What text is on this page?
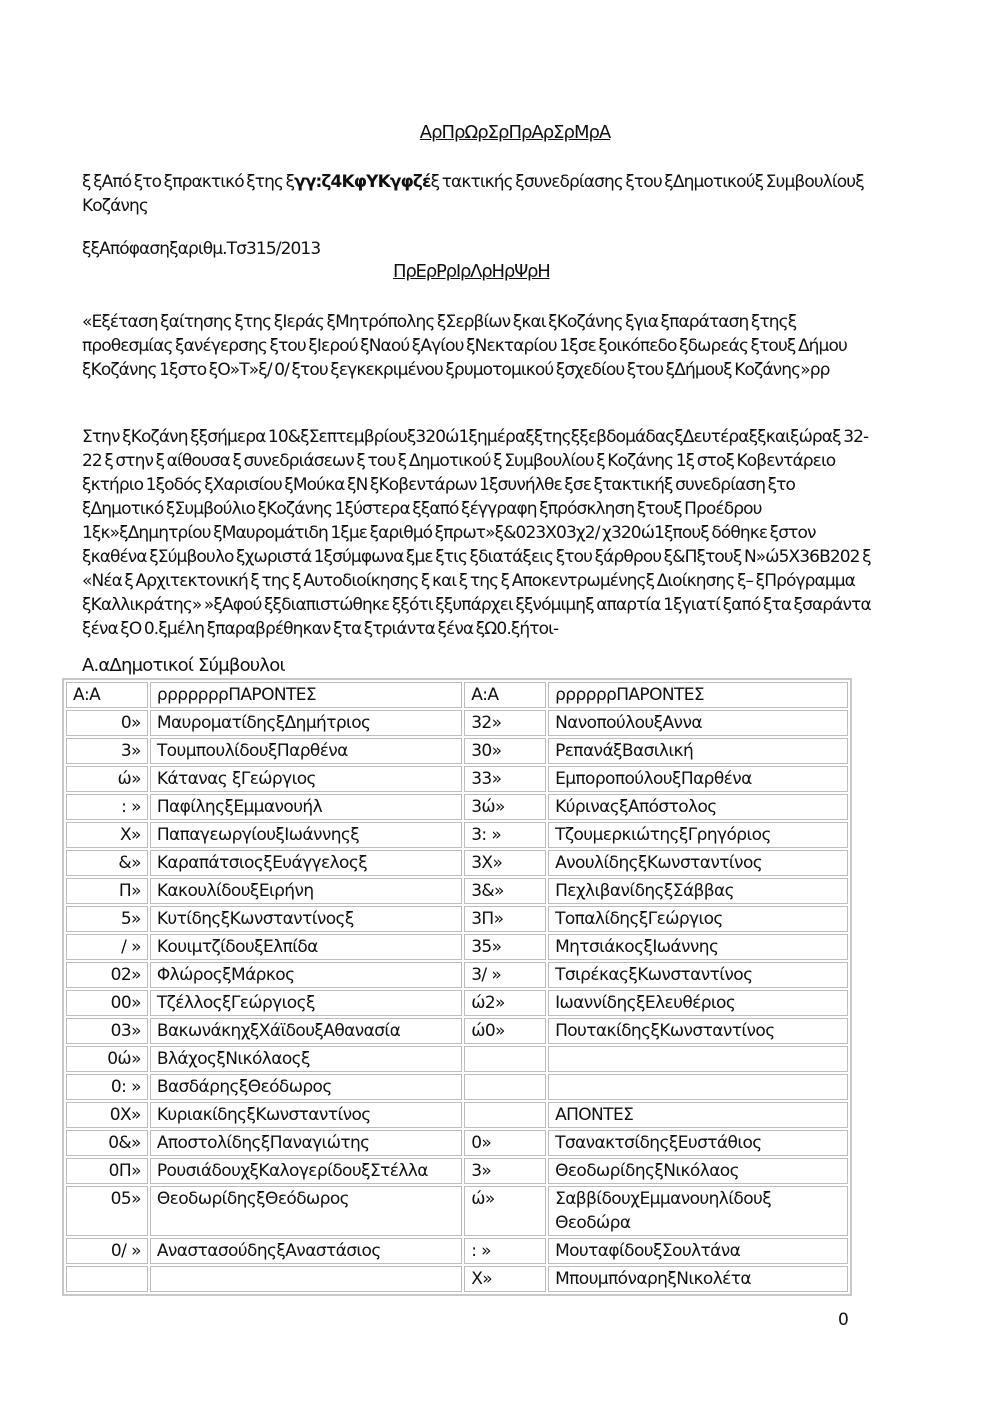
ΑρΠρΩρΣρΠρΑρΣρΜρΑ
ξ ξΑπό ξτο ξπρακτικό ξτης ξγγ:ζ4ΚφΥΚγφζέξ τακτικής ξσυνεδρίασης ξτου ξΔημοτικούξ Συμβουλίουξ Κοζάνης
ξξΑπόφασηξαριθμ.Τσ315/2013
ΠρΕρΡρΙρΛρΗρΨρΗ
«Εξέταση ξαίτησης ξτης ξΙεράς ξΜητρόπολης ξΣερβίων ξκαι ξΚοζάνης ξγια ξπαράταση ξτηςξ προθεσμίας ξανέγερσης ξτου ξΙερού ξΝαού ξΑγίου ξΝεκταρίου 1ξσε ξοικόπεδο ξδωρεάς ξτουξ Δήμου ξΚοζάνης 1ξστο ξΟ»Τ»ξ/ 0/ ξτου ξεγκεκριμένου ξρυμοτομικού ξσχεδίου ξτου ξΔήμουξ Κοζάνης»ρρ
Στην ξΚοζάνη ξξσήμερα 10&ξΣεπτεμβρίουξ320ώ1ξημέραξξτηςξξεβδομάδαςξΔευτέραξξκαιξώραξ 32-22 ξ στην ξ αίθουσα ξ συνεδριάσεων ξ του ξ Δημοτικού ξ Συμβουλίου ξ Κοζάνης 1ξ στοξ Κοβεντάρειο ξκτήριο 1ξοδός ξΧαρισίου ξΜούκα ξΝ ξΚοβεντάρων 1ξσυνήλθε ξσε ξτακτικήξ συνεδρίαση ξτο ξΔημοτικό ξΣυμβούλιο ξΚοζάνης 1ξύστερα ξξαπό ξέγγραφη ξπρόσκληση ξτουξ Προέδρου 1ξκ»ξΔημητρίου ξΜαυρομάτιδη 1ξμε ξαριθμό ξπρωτ»ξ&023Χ03χ2/ χ320ώ1ξπουξ δόθηκε ξστον ξκαθένα ξΣύμβουλο ξχωριστά 1ξσύμφωνα ξμε ξτις ξδιατάξεις ξτου ξάρθρου ξ&Πξτουξ Ν»ώ5Χ36Β202 ξ «Νέα ξ Αρχιτεκτονική ξ της ξ Αυτοδιοίκησης ξ και ξ της ξ Αποκεντρωμένηςξ Διοίκησης ξ– ξΠρόγραμμα ξΚαλλικράτης» »ξΑφού ξξδιαπιστώθηκε ξξότι ξξυπάρχει ξξνόμιμηξ απαρτία 1ξγιατί ξαπό ξτα ξσαράντα ξένα ξΟ 0.ξμέλη ξπαραβρέθηκαν ξτα ξτριάντα ξένα ξΩ0.ξήτοι-
Α.αΔημοτικοί Σύμβουλοι
Α:Α	ρρρρρρρΠΑΡΟΝΤΕΣ	Α:Α	ρρρρρρΠΑΡΟΝΤΕΣ
0»	ΜαυροματίδηςξΔημήτριος	32»	ΝανοπούλουξΑννα
3»	ΤουμπουλίδουξΠαρθένα	30»	ΡεπανάξΒασιλική
ώ»	Κάτανας ξΓεώργιος	33»	ΕμποροπούλουξΠαρθένα
: »	ΠαφίληςξΕμμανουήλ	3ώ»	ΚύριναςξΑπόστολος
Χ»	ΠαπαγεωργίουξΙωάννηςξ	3: »	ΤζουμερκιώτηςξΓρηγόριος
&»	ΚαραπάτσιοςξΕυάγγελοςξ	3Χ»	ΑνουλίδηςξΚωνσταντίνος
Π»	ΚακουλίδουξΕιρήνη	3&»	ΠεχλιβανίδηςξΣάββας
5»	ΚυτίδηςξΚωνσταντίνοςξ	3Π»	ΤοπαλίδηςξΓεώργιος
/ »	ΚουιμτζίδουξΕλπίδα	35»	ΜητσιάκοςξΙωάννης
02»	ΦλώροςξΜάρκος	3/ »	ΤσιρέκαςξΚωνσταντίνος
00»	ΤζέλλοςξΓεώργιοςξ	ώ2»	ΙωαννίδηςξΕλευθέριος
03»	ΒακωνάκηχξΧάϊδουξΑθανασία	ώ0»	ΠουτακίδηςξΚωνσταντίνος
0ώ»	ΒλάχοςξΝικόλαοςξ		
0: »	ΒασδάρηςξΘεόδωρος		
0Χ»	ΚυριακίδηςξΚωνσταντίνος		ΑΠΟΝΤΕΣ
0&»	ΑποστολίδηςξΠαναγιώτης	0»	ΤσανακτσίδηςξΕυστάθιος
0Π»	ΡουσιάδουχξΚαλογερίδουξΣτέλλα	3»	ΘεοδωρίδηςξΝικόλαος
05»	ΘεοδωρίδηςξΘεόδωρος	ώ»	ΣαββίδουχΕμμανουηλίδουξ Θεοδώρα
0/ »	ΑναστασούδηςξΑναστάσιος	: »	ΜουταφίδουξΣουλτάνα
		Χ»	ΜπουμπόναρηξΝικολέτα
0
